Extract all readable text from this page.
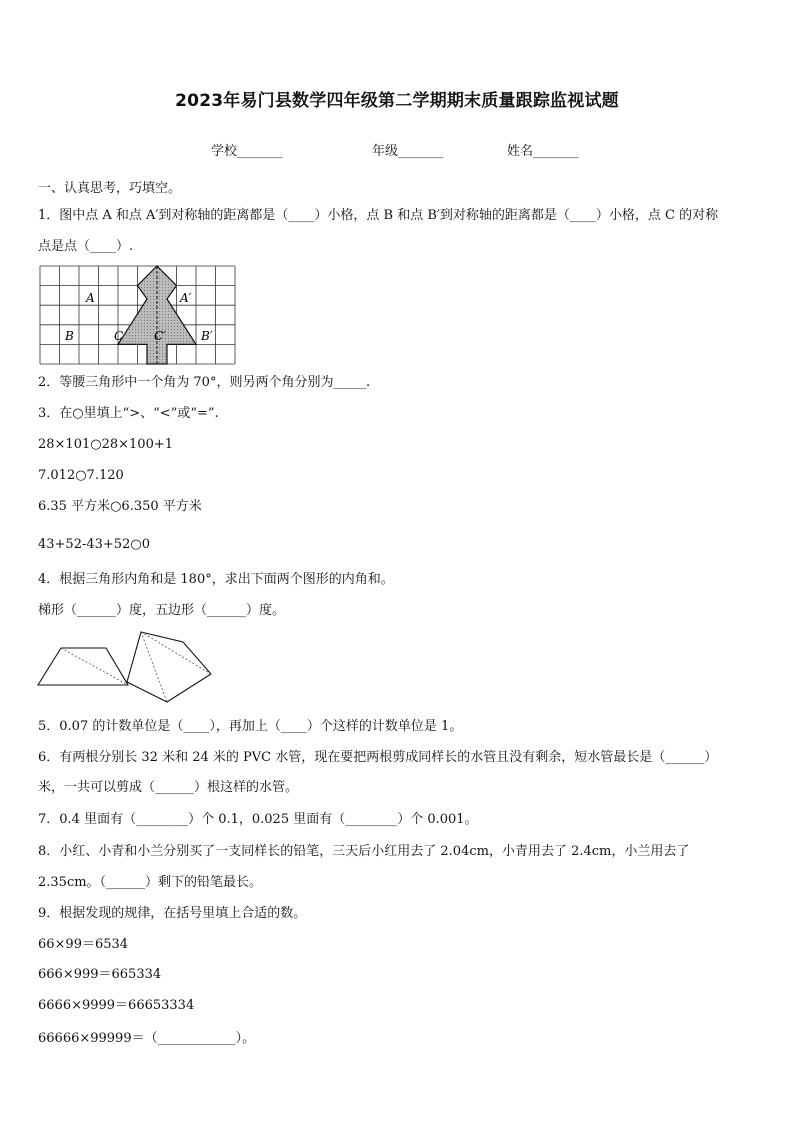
2023年易门县数学四年级第二学期期末质量跟踪监视试题
学校_______	年级_______	姓名_______
一、认真思考，巧填空。
1．图中点 A 和点 A′到对称轴的距离都是（____）小格，点 B 和点 B′到对称轴的距离都是（____）小格，点 C 的对称
点是点（____）.
A	A′
B	B′
C	C′
2．等腰三角形中一个角为 70°，则另两个角分别为_____.
3．在○里填上“>、“<”或“=”.
28×101○28×100+1
7.012○7.120
6.35 平方米○6.350 平方米
43+52-43+52○0
4．根据三角形内角和是 180°，求出下面两个图形的内角和。
梯形（______）度，五边形（______）度。
5．0.07 的计数单位是（____），再加上（____）个这样的计数单位是 1。
6．有两根分别长 32 米和 24 米的 PVC 水管，现在要把两根剪成同样长的水管且没有剩余，短水管最长是（______）
米，一共可以剪成（______）根这样的水管。
7．0.4 里面有（________）个 0.1，0.025 里面有（________）个 0.001。
8．小红、小青和小兰分别买了一支同样长的铅笔，三天后小红用去了 2.04cm，小青用去了 2.4cm，小兰用去了
2.35cm。（______）剩下的铅笔最长。
9．根据发现的规律，在括号里填上合适的数。
66×99＝6534
666×999＝665334
6666×9999＝66653334
66666×99999＝（____________）。
